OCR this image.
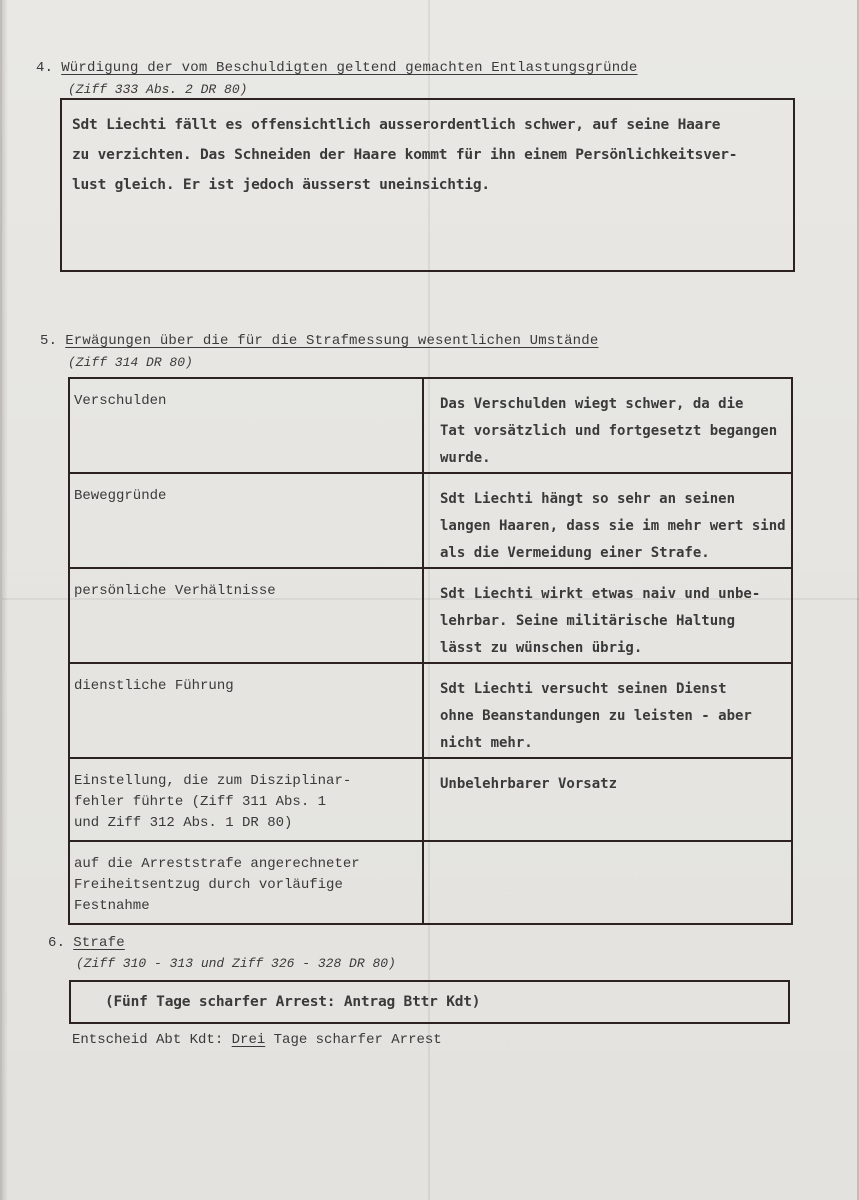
4. Würdigung der vom Beschuldigten geltend gemachten Entlastungsgründe
(Ziff 333 Abs. 2 DR 80)
Sdt Liechti fällt es offensichtlich ausserordentlich schwer, auf seine Haare
zu verzichten. Das Schneiden der Haare kommt für ihn einem Persönlichkeitsver-
lust gleich. Er ist jedoch äusserst uneinsichtig.
5. Erwägungen über die für die Strafmessung wesentlichen Umstände
(Ziff 314 DR 80)
Verschulden	Das Verschulden wiegt schwer, da die
Tat vorsätzlich und fortgesetzt begangen
wurde.

Beweggründe	Sdt Liechti hängt so sehr an seinen
langen Haaren, dass sie im mehr wert sind
als die Vermeidung einer Strafe.

persönliche Verhältnisse	Sdt Liechti wirkt etwas naiv und unbe-
lehrbar. Seine militärische Haltung
lässt zu wünschen übrig.

dienstliche Führung	Sdt Liechti versucht seinen Dienst
ohne Beanstandungen zu leisten - aber
nicht mehr.

Einstellung, die zum Disziplinar-
fehler führte (Ziff 311 Abs. 1
und Ziff 312 Abs. 1 DR 80)	Unbelehrbarer Vorsatz

auf die Arreststrafe angerechneter
Freiheitsentzug durch vorläufige
Festnahme	

6. Strafe
(Ziff 310 - 313 und Ziff 326 - 328 DR 80)
(Fünf Tage scharfer Arrest: Antrag Bttr Kdt)
Entscheid Abt Kdt: Drei Tage scharfer Arrest
